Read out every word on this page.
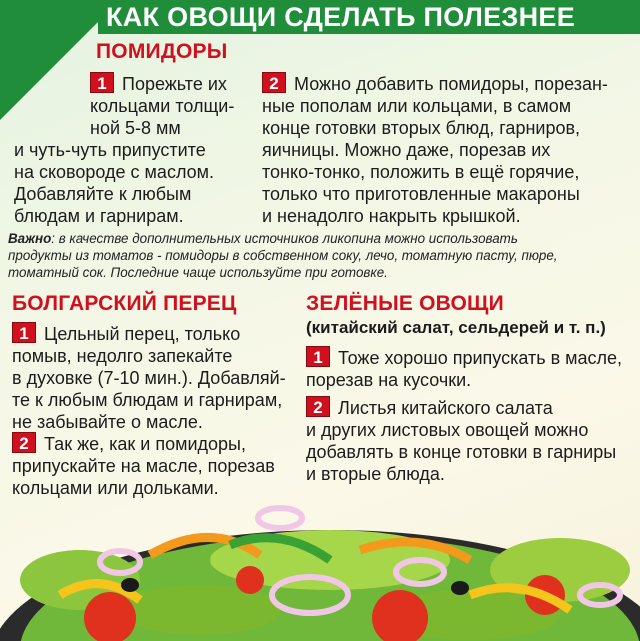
КАК ОВОЩИ СДЕЛАТЬ ПОЛЕЗНЕЕ
ПОМИДОРЫ
1 Порежьте их
кольцами толщи-
ной 5-8 мм
и чуть-чуть припустите
на сковороде с маслом.
Добавляйте к любым
блюдам и гарнирам.
2 Можно добавить помидоры, порезан-
ные пополам или кольцами, в самом
конце готовки вторых блюд, гарниров,
яичницы. Можно даже, порезав их
тонко-тонко, положить в ещё горячие,
только что приготовленные макароны
и ненадолго накрыть крышкой.
Важно: в качестве дополнительных источников ликопина можно использовать
продукты из томатов - помидоры в собственном соку, лечо, томатную пасту, пюре,
томатный сок. Последние чаще используйте при готовке.
БОЛГАРСКИЙ ПЕРЕЦ
1 Цельный перец, только
помыв, недолго запекайте
в духовке (7-10 мин.). Добавляй-
те к любым блюдам и гарнирам,
не забывайте о масле.
2 Так же, как и помидоры,
припускайте на масле, порезав
кольцами или дольками.
ЗЕЛЁНЫЕ ОВОЩИ
(китайский салат, сельдерей и т. п.)
1 Тоже хорошо припускать в масле,
порезав на кусочки.
2 Листья китайского салата
и других листовых овощей можно
добавлять в конце готовки в гарниры
и вторые блюда.
